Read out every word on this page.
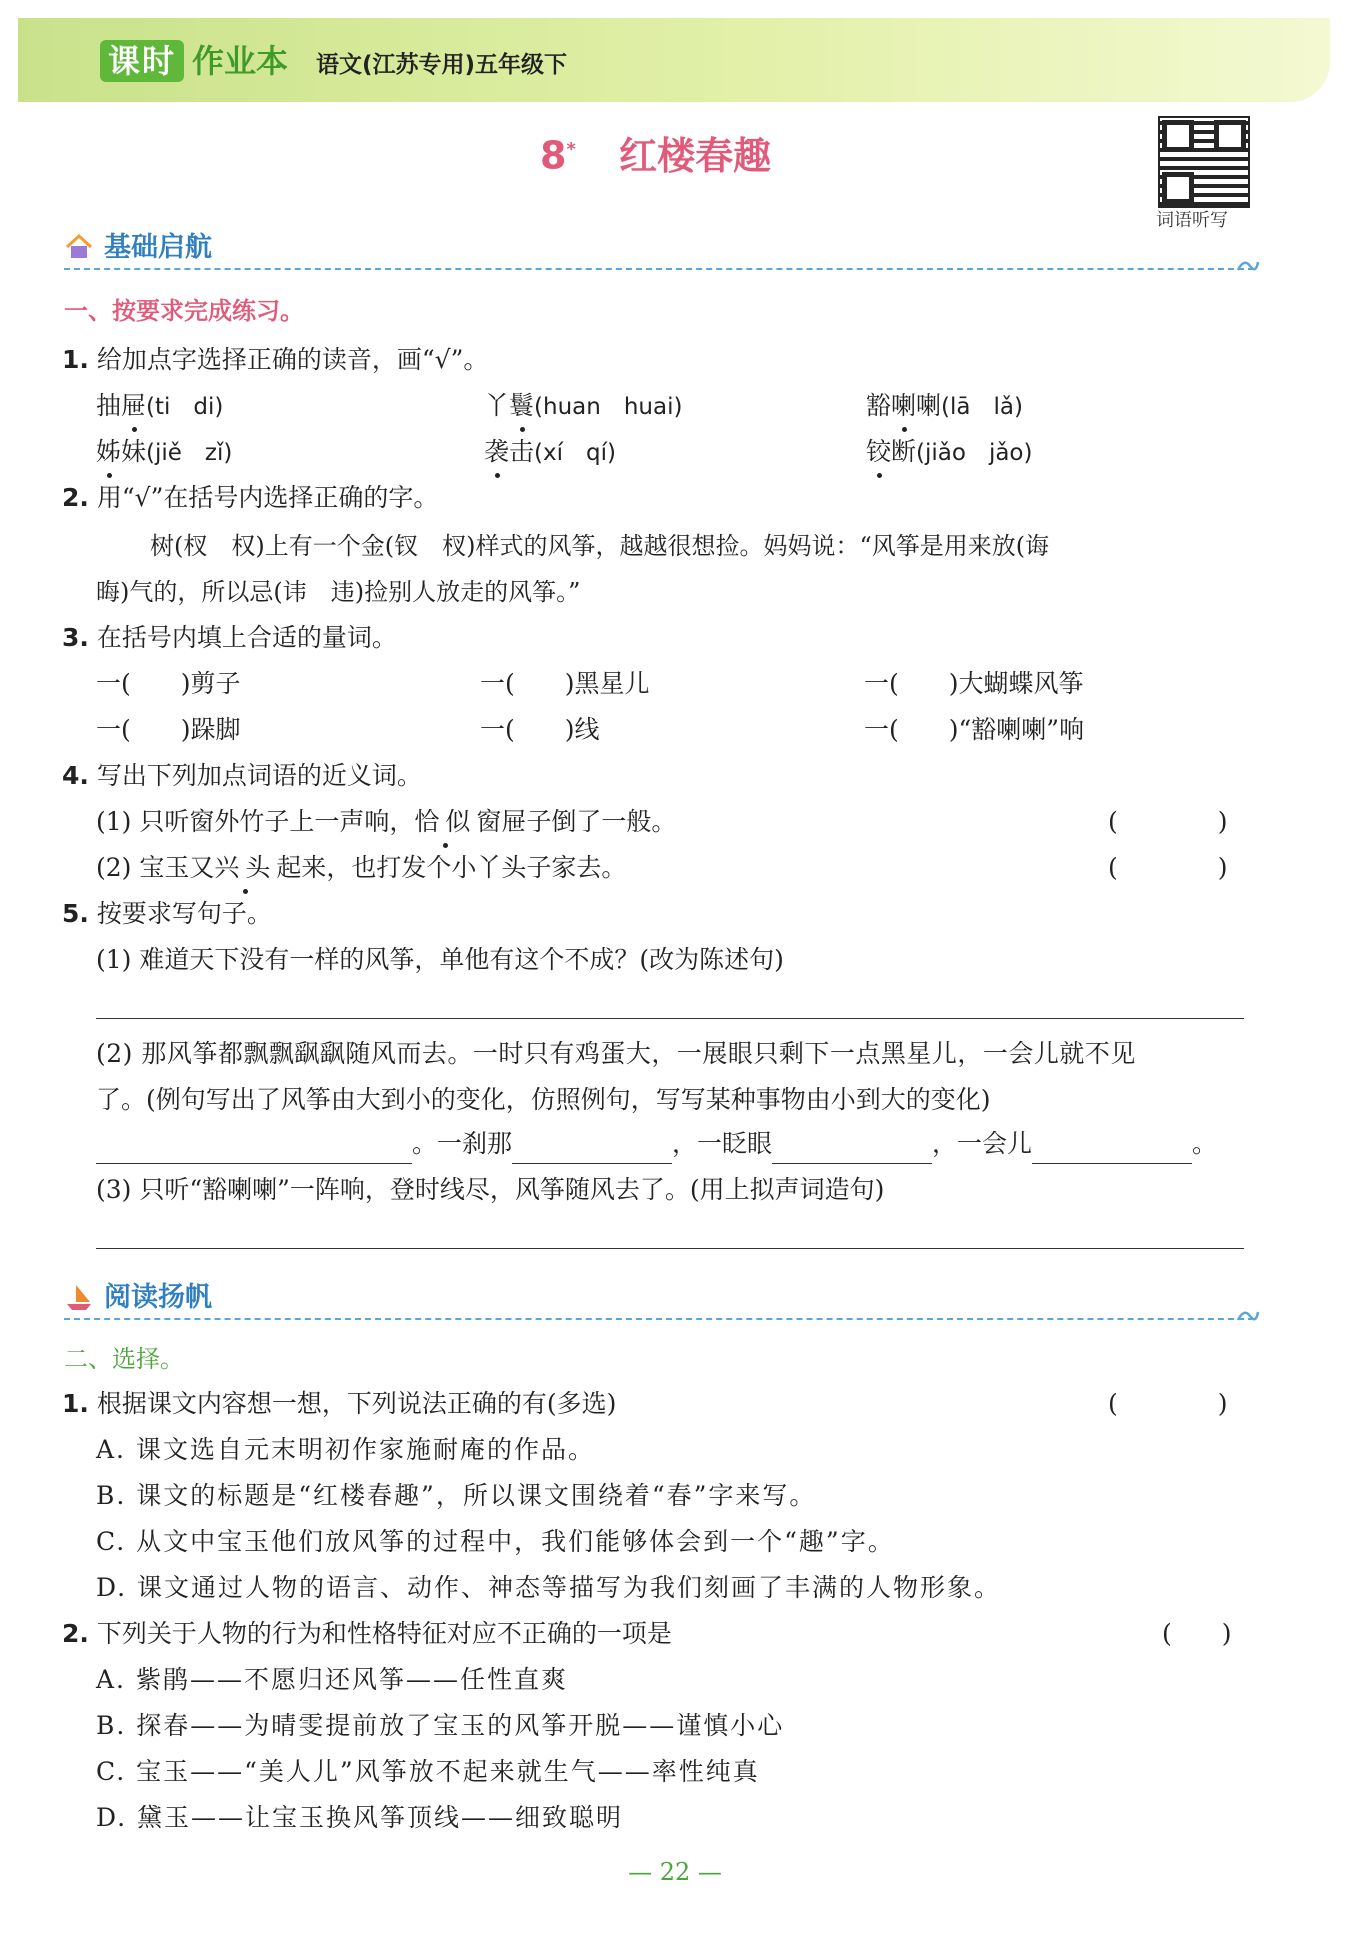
课时 作业本 语文(江苏专用)五年级下
8* 红楼春趣
词语听写
基础启航
一、按要求完成练习。
1. 给加点字选择正确的读音，画“√”。
抽屉(ti　di)	丫鬟(huan　huai)	豁喇喇(lā　lǎ)
姊妹(jiě　zǐ)	袭击(xí　qí)	铰断(jiǎo　jǎo)
2. 用“√”在括号内选择正确的字。
树(杈　权)上有一个金(钗　杈)样式的风筝，越越很想捡。妈妈说：“风筝是用来放(诲
晦)气的，所以忌(讳　违)捡别人放走的风筝。”
3. 在括号内填上合适的量词。
一(　　)剪子	一(　　)黑星儿	一(　　)大蝴蝶风筝
一(　　)跺脚	一(　　)线	一(　　)“豁喇喇”响
4. 写出下列加点词语的近义词。
(1) 只听窗外竹子上一声响，恰似窗屉子倒了一般。	(　　　　)
(2) 宝玉又兴头起来，也打发个小丫头子家去。	(　　　　)
5. 按要求写句子。
(1) 难道天下没有一样的风筝，单他有这个不成？(改为陈述句)
(2) 那风筝都飘飘飖飖随风而去。一时只有鸡蛋大，一展眼只剩下一点黑星儿，一会儿就不见
了。(例句写出了风筝由大到小的变化，仿照例句，写写某种事物由小到大的变化)
。一刹那	，一眨眼	，一会儿	。
(3) 只听“豁喇喇”一阵响，登时线尽，风筝随风去了。(用上拟声词造句)
阅读扬帆
二、选择。
1. 根据课文内容想一想，下列说法正确的有(多选)	(　　　　)
A. 课文选自元末明初作家施耐庵的作品。
B. 课文的标题是“红楼春趣”，所以课文围绕着“春”字来写。
C. 从文中宝玉他们放风筝的过程中，我们能够体会到一个“趣”字。
D. 课文通过人物的语言、动作、神态等描写为我们刻画了丰满的人物形象。
2. 下列关于人物的行为和性格特征对应不正确的一项是	(　　)
A. 紫鹃——不愿归还风筝——任性直爽
B. 探春——为晴雯提前放了宝玉的风筝开脱——谨慎小心
C. 宝玉——“美人儿”风筝放不起来就生气——率性纯真
D. 黛玉——让宝玉换风筝顶线——细致聪明
— 22 —
